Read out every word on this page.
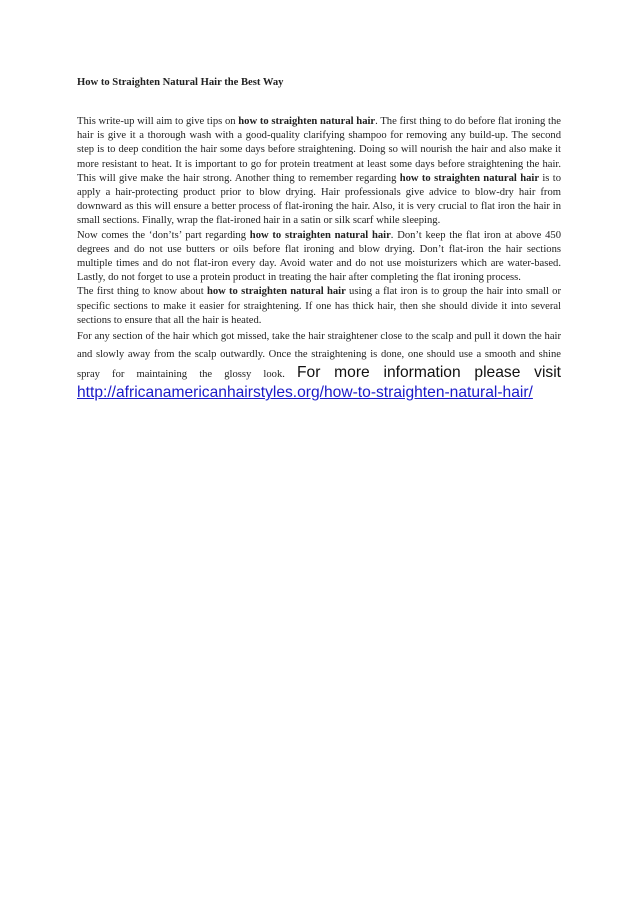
How to Straighten Natural Hair the Best Way

This write-up will aim to give tips on how to straighten natural hair. The first thing to do before flat ironing the hair is give it a thorough wash with a good-quality clarifying shampoo for removing any build-up. The second step is to deep condition the hair some days before straightening. Doing so will nourish the hair and also make it more resistant to heat. It is important to go for protein treatment at least some days before straightening the hair. This will give make the hair strong. Another thing to remember regarding how to straighten natural hair is to apply a hair-protecting product prior to blow drying. Hair professionals give advice to blow-dry hair from downward as this will ensure a better process of flat-ironing the hair. Also, it is very crucial to flat iron the hair in small sections. Finally, wrap the flat-ironed hair in a satin or silk scarf while sleeping.

Now comes the ‘don’ts’ part regarding how to straighten natural hair. Don’t keep the flat iron at above 450 degrees and do not use butters or oils before flat ironing and blow drying. Don’t flat-iron the hair sections multiple times and do not flat-iron every day. Avoid water and do not use moisturizers which are water-based. Lastly, do not forget to use a protein product in treating the hair after completing the flat ironing process.

The first thing to know about how to straighten natural hair using a flat iron is to group the hair into small or specific sections to make it easier for straightening. If one has thick hair, then she should divide it into several sections to ensure that all the hair is heated.

For any section of the hair which got missed, take the hair straightener close to the scalp and pull it down the hair and slowly away from the scalp outwardly. Once the straightening is done, one should use a smooth and shine spray for maintaining the glossy look. For more information please visit http://africanamericanhairstyles.org/how-to-straighten-natural-hair/
